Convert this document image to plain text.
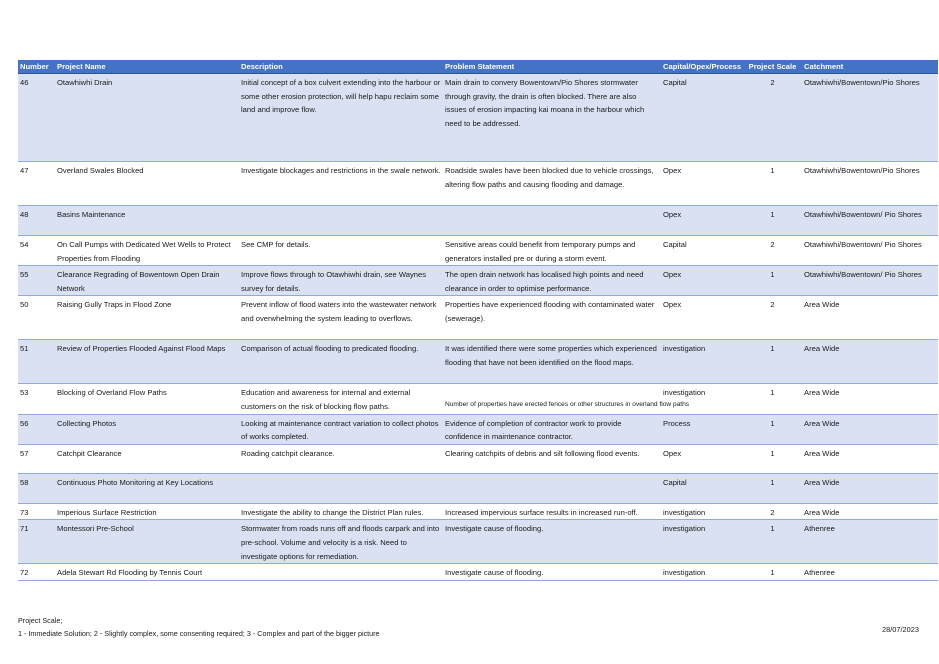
Number	Project Name	Description	Problem Statement	Capital/Opex/Process	Project Scale	Catchment
46	Otawhiwhi Drain	Initial concept of a box culvert extending into the harbour or some other erosion protection, will help hapu reclaim some land and improve flow.	Main drain to convery Bowentown/Pio Shores stormwater through gravity, the drain is often blocked. There are also issues of erosion impacting kai moana in the harbour which need to be addressed.	Capital	2	Otawhiwhi/Bowentown/Pio Shores
47	Overland Swales Blocked	Investigate blockages and restrictions in the swale network.	Roadside swales have been blocked due to vehicle crossings, altering flow paths and causing flooding and damage.	Opex	1	Otawhiwhi/Bowentown/Pio Shores
48	Basins Maintenance			Opex	1	Otawhiwhi/Bowentown/ Pio Shores
54	On Call Pumps with Dedicated Wet Wells to Protect Properties from Flooding	See CMP for details.	Sensitive areas could benefit from temporary pumps and generators installed pre or during a storm event.	Capital	2	Otawhiwhi/Bowentown/ Pio Shores
55	Clearance Regrading of Bowentown Open Drain Network	Improve flows through to Otawhiwhi drain, see Waynes survey for details.	The open drain network has localised high points and need clearance in order to optimise performance.	Opex	1	Otawhiwhi/Bowentown/ Pio Shores
50	Raising Gully Traps in Flood Zone	Prevent inflow of flood waters into the wastewater network and overwhelming the system leading to overflows.	Properties have experienced flooding with contaminated water (sewerage).	Opex	2	Area Wide
51	Review of Properties Flooded Against Flood Maps	Comparison of actual flooding to predicated flooding.	It was identified there were some properties which experienced flooding that have not been identified on the flood maps.	investigation	1	Area Wide
53	Blocking of Overland Flow Paths	Education and awareness for internal and external customers on the risk of blocking flow paths.	Number of properties have erected fences or other structures in overland flow paths	investigation	1	Area Wide
56	Collecting Photos	Looking at maintenance contract variation to collect photos of works completed.	Evidence of completion of contractor work to provide confidence in maintenance contractor.	Process	1	Area Wide
57	Catchpit Clearance	Roading catchpit clearance.	Clearing catchpits of debris and silt following flood events.	Opex	1	Area Wide
58	Continuous Photo Monitoring at Key Locations			Capital	1	Area Wide
73	Imperious Surface Restriction	Investigate the ability to change the District Plan rules.	Increased impervious surface results in increased run-off.	investigation	2	Area Wide
71	Montessori Pre-School	Stormwater from roads runs off and floods carpark and into pre-school. Volume and velocity is a risk. Need to investigate options for remediation.	Investigate cause of flooding.	investigation	1	Athenree
72	Adela Stewart Rd Flooding by Tennis Court		Investigate cause of flooding.	investigation	1	Athenree
Project Scale;
1 - Immediate Solution; 2 - Slightly complex, some consenting required; 3 - Complex and part of the bigger picture	28/07/2023
